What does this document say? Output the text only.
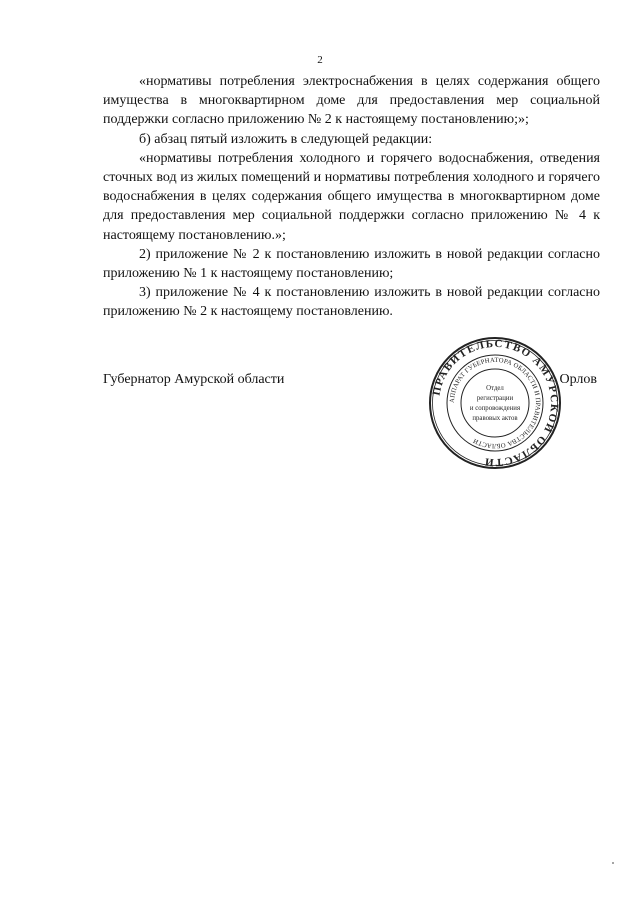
2

«нормативы потребления электроснабжения в целях содержания общего имущества в многоквартирном доме для предоставления мер социальной поддержки согласно приложению № 2 к настоящему постановлению;»;

б) абзац пятый изложить в следующей редакции:

«нормативы потребления холодного и горячего водоснабжения, отведения сточных вод из жилых помещений и нормативы потребления холодного и горячего водоснабжения в целях содержания общего имущества в многоквартирном доме для предоставления мер социальной поддержки согласно приложению № 4 к настоящему постановлению.»;

2) приложение № 2 к постановлению изложить в новой редакции согласно приложению № 1 к настоящему постановлению;

3) приложение № 4 к постановлению изложить в новой редакции согласно приложению № 2 к настоящему постановлению.

Губернатор Амурской области	Орлов
ПРАВИТЕЛЬСТВО АМУРСКОЙ ОБЛАСТИ
АППАРАТ ГУБЕРНАТОРА ОБЛАСТИ И ПРАВИТЕЛЬСТВА ОБЛАСТИ
Отдел
регистрации
и сопровождения
правовых актов
